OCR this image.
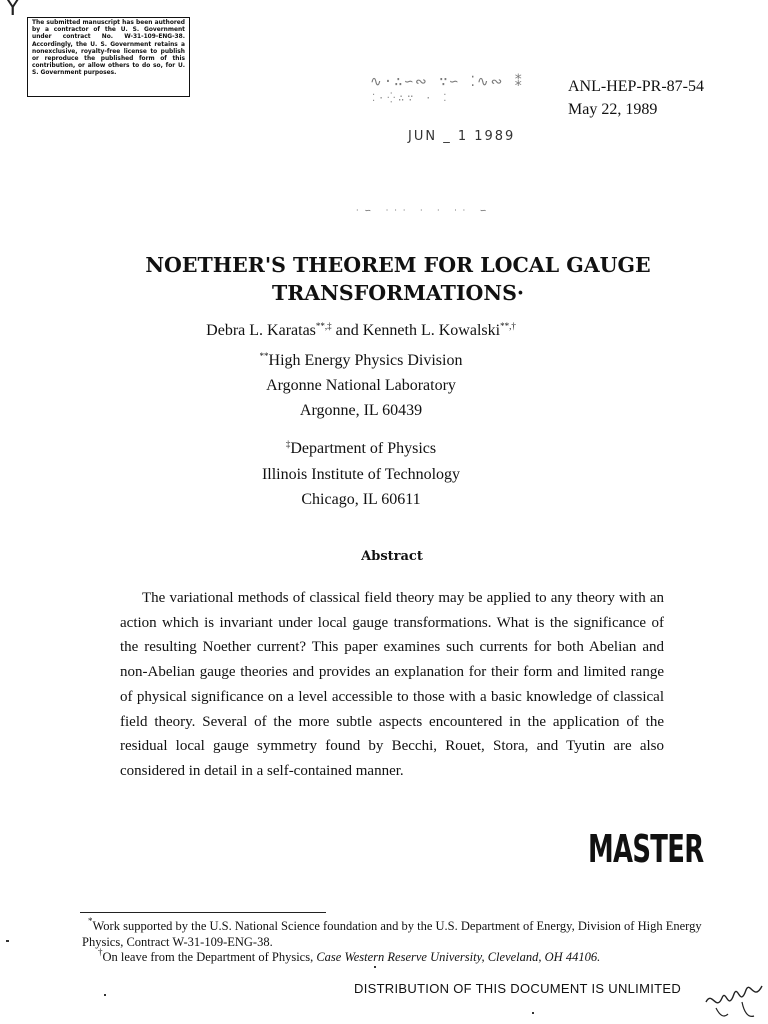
Y
The submitted manuscript has been authored by a contractor of the U. S. Government under contract No. W-31-109-ENG-38. Accordingly, the U. S. Government retains a nonexclusive, royalty-free license to publish or reproduce the published form of this contribution, or allow others to do so, for U. S. Government purposes.
∿·∴∽∾ ∵∽ ⁚∿∾ ⁑
⁚·⁛∴∵ · ⁚
ANL-HEP-PR-87-54
May 22, 1989
JUN _ 1 1989
·∽ ··· · · ·· ∽
NOETHER'S THEOREM FOR LOCAL GAUGE
TRANSFORMATIONS·
Debra L. Karatas**,‡ and Kenneth L. Kowalski**,†
**High Energy Physics Division
Argonne National Laboratory
Argonne, IL 60439
‡Department of Physics
Illinois Institute of Technology
Chicago, IL 60611
Abstract

The variational methods of classical field theory may be applied to any theory with an action which is invariant under local gauge transformations. What is the significance of the resulting Noether current? This paper examines such currents for both Abelian and non-Abelian gauge theories and provides an explanation for their form and limited range of physical significance on a level accessible to those with a basic knowledge of classical field theory. Several of the more subtle aspects encountered in the application of the residual local gauge symmetry found by Becchi, Rouet, Stora, and Tyutin are also considered in detail in a self-contained manner.

MASTER

*Work supported by the U.S. National Science foundation and by the U.S. Department of Energy, Division of High Energy Physics, Contract W-31-109-ENG-38.

†On leave from the Department of Physics, Case Western Reserve University, Cleveland, OH 44106.

DISTRIBUTION OF THIS DOCUMENT IS UNLIMITED
